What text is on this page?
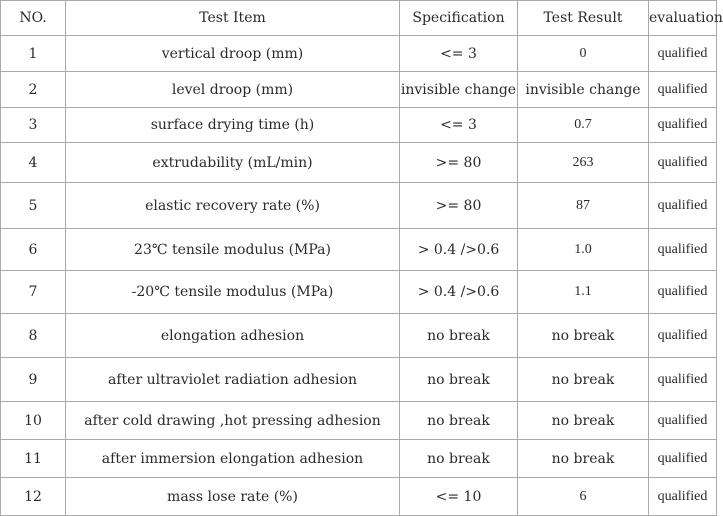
NO.	Test Item	Specification	Test Result	evaluation
1	vertical droop (mm)	<= 3	0	qualified
2	level droop (mm)	invisible change	invisible change	qualified
3	surface drying time (h)	<= 3	0.7	qualified
4	extrudability (mL/min)	>= 80	263	qualified
5	elastic recovery rate (%)	>= 80	87	qualified
6	23℃ tensile modulus (MPa)	> 0.4 />0.6	1.0	qualified
7	-20℃ tensile modulus (MPa)	> 0.4 />0.6	1.1	qualified
8	elongation adhesion	no break	no break	qualified
9	after ultraviolet radiation adhesion	no break	no break	qualified
10	after cold drawing ,hot pressing adhesion	no break	no break	qualified
11	after immersion elongation adhesion	no break	no break	qualified
12	mass lose rate (%)	<= 10	6	qualified
